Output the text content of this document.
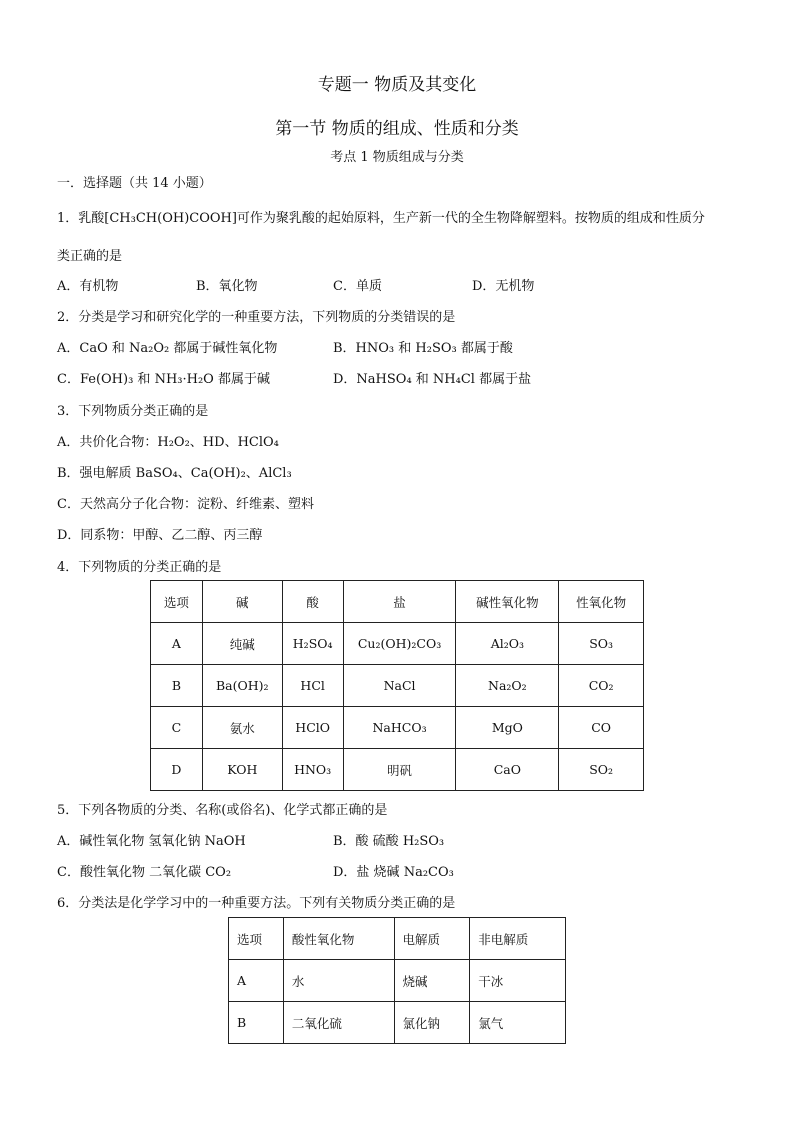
专题一 物质及其变化
第一节 物质的组成、性质和分类
考点 1 物质组成与分类
一．选择题（共 14 小题）
1．乳酸[CH₃CH(OH)COOH]可作为聚乳酸的起始原料，生产新一代的全生物降解塑料。按物质的组成和性质分
类正确的是
A．有机物	B．氧化物	C．单质	D．无机物
2．分类是学习和研究化学的一种重要方法，下列物质的分类错误的是
A．CaO 和 Na₂O₂ 都属于碱性氧化物	B．HNO₃ 和 H₂SO₃ 都属于酸
C．Fe(OH)₃ 和 NH₃·H₂O 都属于碱	D．NaHSO₄ 和 NH₄Cl 都属于盐
3．下列物质分类正确的是
A．共价化合物：H₂O₂、HD、HClO₄
B．强电解质 BaSO₄、Ca(OH)₂、AlCl₃
C．天然高分子化合物：淀粉、纤维素、塑料
D．同系物：甲醇、乙二醇、丙三醇
4．下列物质的分类正确的是
选项	碱	酸	盐	碱性氧化物	性氧化物
A	纯碱	H₂SO₄	Cu₂(OH)₂CO₃	Al₂O₃	SO₃
B	Ba(OH)₂	HCl	NaCl	Na₂O₂	CO₂
C	氨水	HClO	NaHCO₃	MgO	CO
D	KOH	HNO₃	明矾	CaO	SO₂
5．下列各物质的分类、名称(或俗名)、化学式都正确的是
A．碱性氧化物 氢氧化钠 NaOH	B．酸 硫酸 H₂SO₃
C．酸性氧化物 二氧化碳 CO₂	D．盐 烧碱 Na₂CO₃
6．分类法是化学学习中的一种重要方法。下列有关物质分类正确的是
选项	酸性氧化物	电解质	非电解质
A	水	烧碱	干冰
B	二氧化硫	氯化钠	氯气
